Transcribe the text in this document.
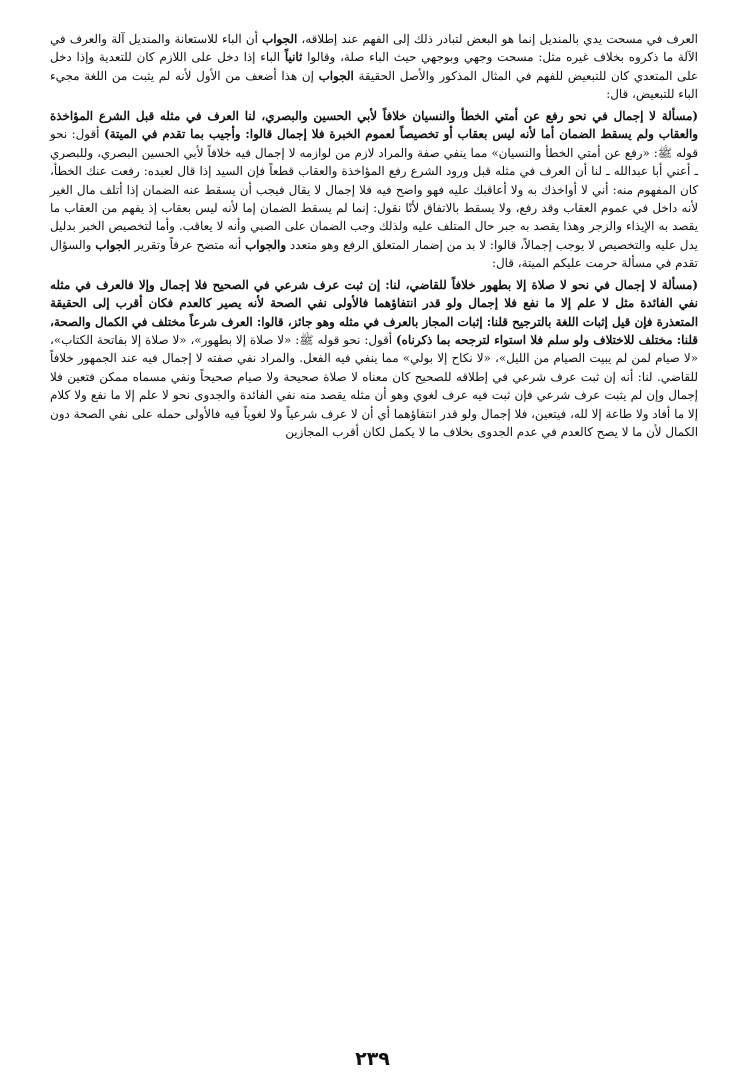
العرف في مسحت يدي بالمنديل إنما هو البعض لتبادر ذلك إلى الفهم عند إطلاقه، الجواب أن الباء للاستعانة والمنديل آلة والعرف في الآلة ما ذكروه بخلاف غيره مثل: مسحت وجهي وبوجهي حيث الباء صلة، وقالوا ثانياً الباء إذا دخل على اللازم كان للتعدية وإذا دخل على المتعدي كان للتبعيض للفهم في المثال المذكور والأصل الحقيقة الجواب إن هذا أضعف من الأول لأنه لم يثبت من اللغة مجيء الباء للتبعيض، قال:

(مسألة لا إجمال في نحو رفع عن أمتي الخطأ والنسيان خلافاً لأبي الحسين والبصري، لنا العرف في مثله قبل الشرع المؤاخذة والعقاب ولم يسقط الضمان أما لأنه ليس بعقاب أو تخصيصاً لعموم الخبرة فلا إجمال قالوا: وأجيب بما تقدم في الميتة) أقول: نحو قوله ﷺ: «رفع عن أمتي الخطأ والنسيان» مما ينفي صفة والمراد لازم من لوازمه لا إجمال فيه خلافاً لأبي الحسين البصري، وللبصري ـ أعني أبا عبدالله ـ لنا أن العرف في مثله قبل ورود الشرع رفع المؤاخذة والعقاب قطعاً فإن السيد إذا قال لعبده: رفعت عنك الخطأ، كان المفهوم منه: أني لا أواخذك به ولا أعاقبك عليه فهو واضح فيه فلا إجمال لا يقال فيجب أن يسقط عنه الضمان إذا أتلف مال الغير لأنه داخل في عموم العقاب وقد رفع، ولا يسقط بالاتفاق لأنّا نقول: إنما لم يسقط الضمان إما لأنه ليس بعقاب إذ يفهم من العقاب ما يقصد به الإيذاء والزجر وهذا يقصد به جبر حال المتلف عليه ولذلك وجب الضمان على الصبي وأنه لا يعاقب. وأما لتخصيص الخبر بدليل يدل عليه والتخصيص لا يوجب إجمالاً، قالوا: لا بد من إضمار المتعلق الرفع وهو متعدد والجواب أنه متضح عرفاً وتقرير الجواب والسؤال تقدم في مسألة حرمت عليكم الميتة، قال:

(مسألة لا إجمال في نحو لا صلاة إلا بطهور خلافاً للقاضي، لنا: إن ثبت عرف شرعي في الصحيح فلا إجمال وإلا فالعرف في مثله نفي الفائدة مثل لا علم إلا ما نفع فلا إجمال ولو قدر انتفاؤهما فالأولى نفي الصحة لأنه يصير كالعدم فكان أقرب إلى الحقيقة المتعذرة فإن قيل إثبات اللغة بالترجيح قلنا: إثبات المجاز بالعرف في مثله وهو جائز، قالوا: العرف شرعاً مختلف في الكمال والصحة، قلنا: مختلف للاختلاف ولو سلم فلا استواء لترجحه بما ذكرناه) أقول: نحو قوله ﷺ: «لا صلاة إلا بطهور»، «لا صلاة إلا بفاتحة الكتاب»، «لا صيام لمن لم يبيت الصيام من الليل»، «لا نكاح إلا بولي» مما ينفي فيه الفعل. والمراد نفي صفته لا إجمال فيه عند الجمهور خلافاً للقاضي. لنا: أنه إن ثبت عرف شرعي في إطلاقه للصحيح كان معناه لا صلاة صحيحة ولا صيام صحيحاً ونفي مسماه ممكن فتعين فلا إجمال وإن لم يثبت عرف شرعي فإن ثبت فيه عرف لغوي وهو أن مثله يقصد منه نفي الفائدة والجدوى نحو لا علم إلا ما نفع ولا كلام إلا ما أفاد ولا طاعة إلا لله، فيتعين، فلا إجمال ولو قدر انتفاؤهما أي أن لا عرف شرعياً ولا لغوياً فيه فالأولى حمله على نفي الصحة دون الكمال لأن ما لا يصح كالعدم في عدم الجدوى بخلاف ما لا يكمل لكان أقرب المجازين

٢٣٩
